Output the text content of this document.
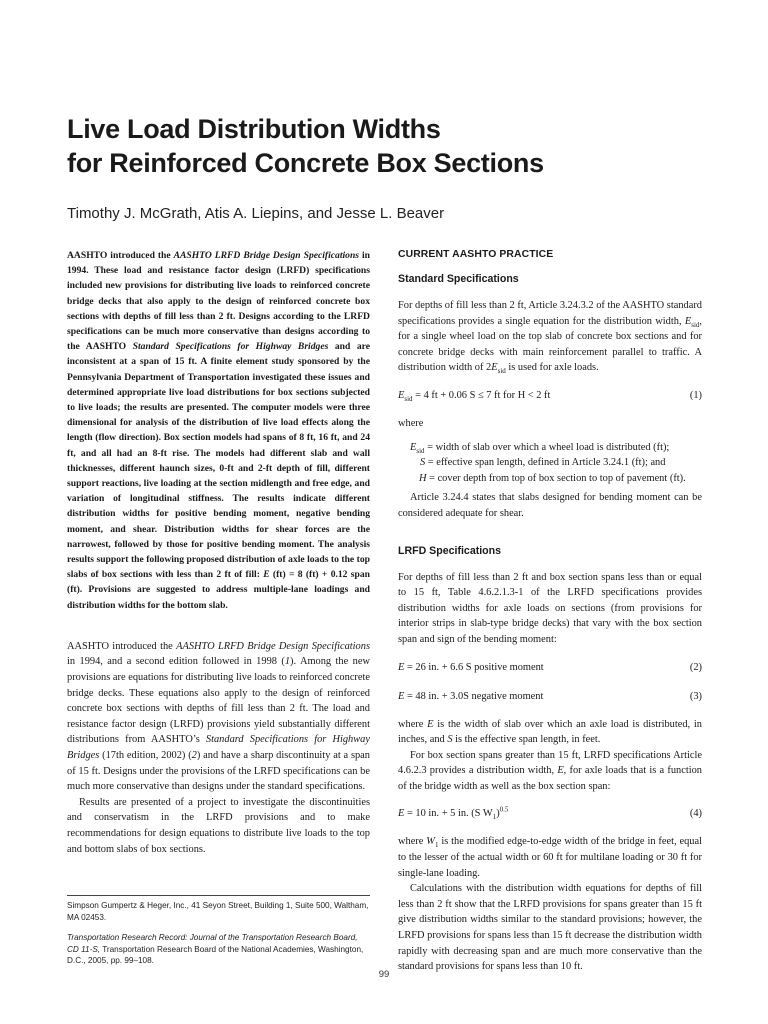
Live Load Distribution Widths
for Reinforced Concrete Box Sections

Timothy J. McGrath, Atis A. Liepins, and Jesse L. Beaver

AASHTO introduced the AASHTO LRFD Bridge Design Specifications in 1994. These load and resistance factor design (LRFD) specifications included new provisions for distributing live loads to reinforced concrete bridge decks that also apply to the design of reinforced concrete box sections with depths of fill less than 2 ft. Designs according to the LRFD specifications can be much more conservative than designs according to the AASHTO Standard Specifications for Highway Bridges and are inconsistent at a span of 15 ft. A finite element study sponsored by the Pennsylvania Department of Transportation investigated these issues and determined appropriate live load distributions for box sections subjected to live loads; the results are presented. The computer models were three dimensional for analysis of the distribution of live load effects along the length (flow direction). Box section models had spans of 8 ft, 16 ft, and 24 ft, and all had an 8-ft rise. The models had different slab and wall thicknesses, different haunch sizes, 0-ft and 2-ft depth of fill, different support reactions, live loading at the section midlength and free edge, and variation of longitudinal stiffness. The results indicate different distribution widths for positive bending moment, negative bending moment, and shear. Distribution widths for shear forces are the narrowest, followed by those for positive bending moment. The analysis results support the following proposed distribution of axle loads to the top slabs of box sections with less than 2 ft of fill: E (ft) = 8 (ft) + 0.12 span (ft). Provisions are suggested to address multiple-lane loadings and distribution widths for the bottom slab.

AASHTO introduced the AASHTO LRFD Bridge Design Specifications in 1994, and a second edition followed in 1998 (1). Among the new provisions are equations for distributing live loads to reinforced concrete bridge decks. These equations also apply to the design of reinforced concrete box sections with depths of fill less than 2 ft. The load and resistance factor design (LRFD) provisions yield substantially different distributions from AASHTO’s Standard Specifications for Highway Bridges (17th edition, 2002) (2) and have a sharp discontinuity at a span of 15 ft. Designs under the provisions of the LRFD specifications can be much more conservative than designs under the standard specifications.

Results are presented of a project to investigate the discontinuities and conservatism in the LRFD provisions and to make recommendations for design equations to distribute live loads to the top and bottom slabs of box sections.

Simpson Gumpertz & Heger, Inc., 41 Seyon Street, Building 1, Suite 500, Waltham, MA 02453.

Transportation Research Record: Journal of the Transportation Research Board, CD 11-S, Transportation Research Board of the National Academies, Washington, D.C., 2005, pp. 99–108.

CURRENT AASHTO PRACTICE
Standard Specifications

For depths of fill less than 2 ft, Article 3.24.3.2 of the AASHTO standard specifications provides a single equation for the distribution width, $E_{sid}$, for a single wheel load on the top slab of concrete box sections and for concrete bridge decks with main reinforcement parallel to traffic. A distribution width of $2E_{sid}$ is used for axle loads.

$E_{sid} = 4$ ft + 0.06 S ≤ 7 ft for H < 2 ft	(1)

where

$E_{sid}$ = width of slab over which a wheel load is distributed (ft);
S = effective span length, defined in Article 3.24.1 (ft); and
H = cover depth from top of box section to top of pavement (ft).

Article 3.24.4 states that slabs designed for bending moment can be considered adequate for shear.

LRFD Specifications

For depths of fill less than 2 ft and box section spans less than or equal to 15 ft, Table 4.6.2.1.3-1 of the LRFD specifications provides distribution widths for axle loads on sections (from provisions for interior strips in slab-type bridge decks) that vary with the box section span and sign of the bending moment:

E = 26 in. + 6.6 S positive moment	(2)
E = 48 in. + 3.0S negative moment	(3)

where E is the width of slab over which an axle load is distributed, in inches, and S is the effective span length, in feet.

For box section spans greater than 15 ft, LRFD specifications Article 4.6.2.3 provides a distribution width, E, for axle loads that is a function of the bridge width as well as the box section span:

E = 10 in. + 5 in. (S $W_1)^{0.5}$	(4)

where $W_1$ is the modified edge-to-edge width of the bridge in feet, equal to the lesser of the actual width or 60 ft for multilane loading or 30 ft for single-lane loading.

Calculations with the distribution width equations for depths of fill less than 2 ft show that the LRFD provisions for spans greater than 15 ft give distribution widths similar to the standard provisions; however, the LRFD provisions for spans less than 15 ft decrease the distribution width rapidly with decreasing span and are much more conservative than the standard provisions for spans less than 10 ft.

99
